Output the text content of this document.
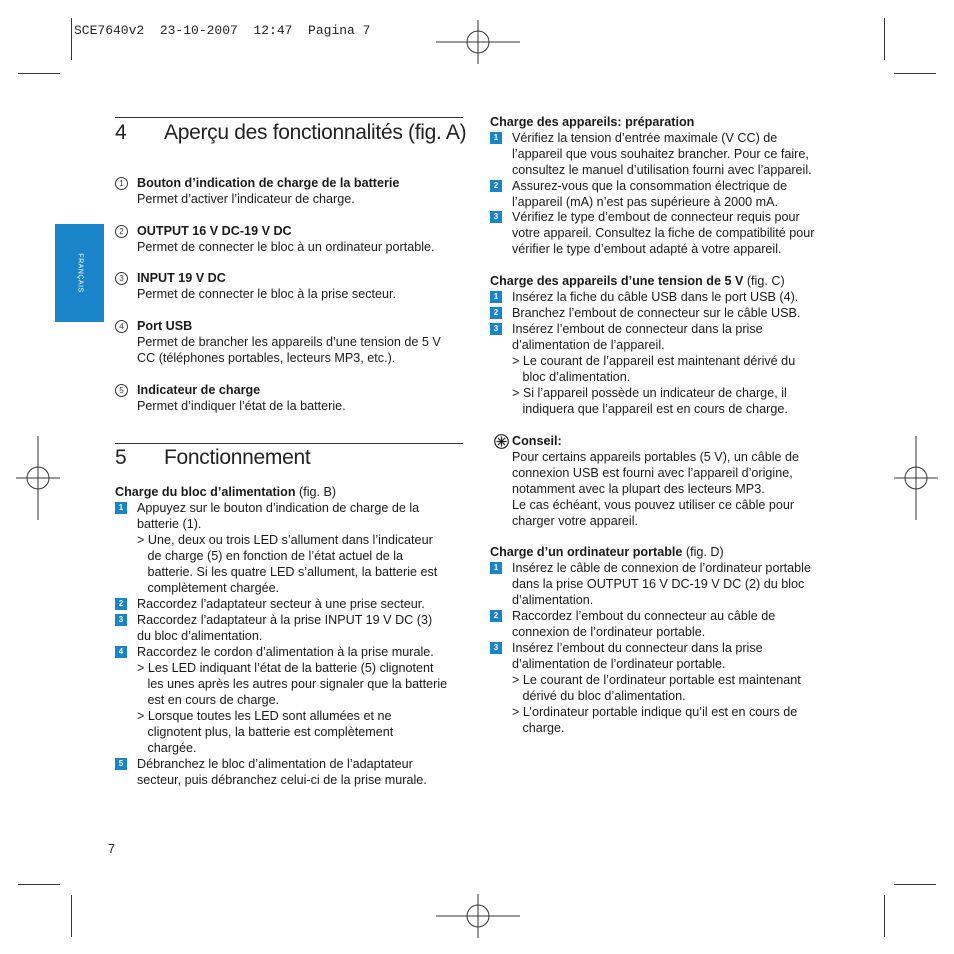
SCE7640v2  23-10-2007  12:47  Pagina 7
FRANÇAIS
4 Aperçu des fonctionnalités (fig. A)
1	Bouton d’indication de charge de la batterie
Permet d’activer l’indicateur de charge.
2	OUTPUT 16 V DC-19 V DC
Permet de connecter le bloc à un ordinateur portable.
3	INPUT 19 V DC
Permet de connecter le bloc à la prise secteur.
4	Port USB
Permet de brancher les appareils d’une tension de 5 V
CC (téléphones portables, lecteurs MP3, etc.).
5	Indicateur de charge
Permet d’indiquer l’état de la batterie.
5 Fonctionnement
Charge du bloc d’alimentation (fig. B)
1	Appuyez sur le bouton d’indication de charge de la
batterie (1).
> Une, deux ou trois LED s’allument dans l’indicateur
de charge (5) en fonction de l’état actuel de la
batterie. Si les quatre LED s’allument, la batterie est
complètement chargée.
2	Raccordez l’adaptateur secteur à une prise secteur.
3	Raccordez l’adaptateur à la prise INPUT 19 V DC (3)
du bloc d’alimentation.
4	Raccordez le cordon d’alimentation à la prise murale.
> Les LED indiquant l’état de la batterie (5) clignotent
les unes après les autres pour signaler que la batterie
est en cours de charge.
> Lorsque toutes les LED sont allumées et ne
clignotent plus, la batterie est complètement
chargée.
5	Débranchez le bloc d’alimentation de l’adaptateur
secteur, puis débranchez celui-ci de la prise murale.
7
Charge des appareils: préparation
1	Vérifiez la tension d’entrée maximale (V CC) de
l’appareil que vous souhaitez brancher. Pour ce faire,
consultez le manuel d’utilisation fourni avec l’appareil.
2	Assurez-vous que la consommation électrique de
l’appareil (mA) n’est pas supérieure à 2000 mA.
3	Vérifiez le type d’embout de connecteur requis pour
votre appareil. Consultez la fiche de compatibilité pour
vérifier le type d’embout adapté à votre appareil.
Charge des appareils d’une tension de 5 V (fig. C)
1	Insérez la fiche du câble USB dans le port USB (4).
2	Branchez l’embout de connecteur sur le câble USB.
3	Insérez l’embout de connecteur dans la prise
d’alimentation de l’appareil.
> Le courant de l’appareil est maintenant dérivé du
bloc d’alimentation.
> Si l’appareil possède un indicateur de charge, il
indiquera que l’appareil est en cours de charge.
Conseil:
Pour certains appareils portables (5 V), un câble de
connexion USB est fourni avec l’appareil d’origine,
notamment avec la plupart des lecteurs MP3.
Le cas échéant, vous pouvez utiliser ce câble pour
charger votre appareil.
Charge d’un ordinateur portable (fig. D)
1	Insérez le câble de connexion de l’ordinateur portable
dans la prise OUTPUT 16 V DC-19 V DC (2) du bloc
d’alimentation.
2	Raccordez l’embout du connecteur au câble de
connexion de l’ordinateur portable.
3	Insérez l’embout du connecteur dans la prise
d’alimentation de l’ordinateur portable.
> Le courant de l’ordinateur portable est maintenant
dérivé du bloc d’alimentation.
> L’ordinateur portable indique qu’il est en cours de
charge.
